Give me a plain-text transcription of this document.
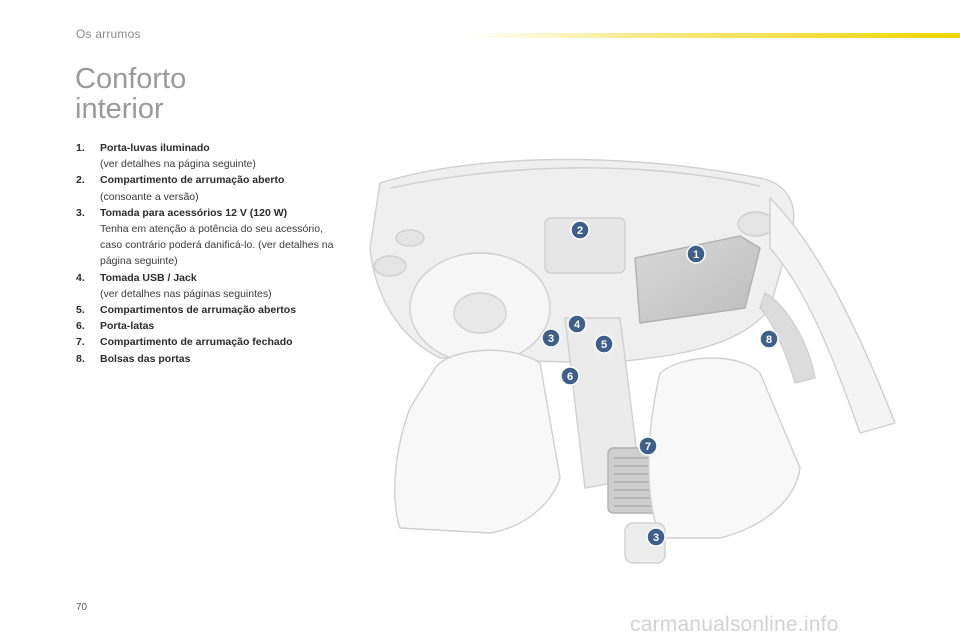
Os arrumos
Conforto
interior
1. Porta-luvas iluminado
(ver detalhes na página seguinte)
2. Compartimento de arrumação aberto
(consoante a versão)
3. Tomada para acessórios 12 V (120 W)
Tenha em atenção a potência do seu acessório, caso contrário poderá danificá-lo. (ver detalhes na página seguinte)
4. Tomada USB / Jack
(ver detalhes nas páginas seguintes)
5. Compartimentos de arrumação abertos
6. Porta-latas
7. Compartimento de arrumação fechado
8. Bolsas das portas
1
2
3
4
5
6
7
8
3
70
carmanualsonline.info
